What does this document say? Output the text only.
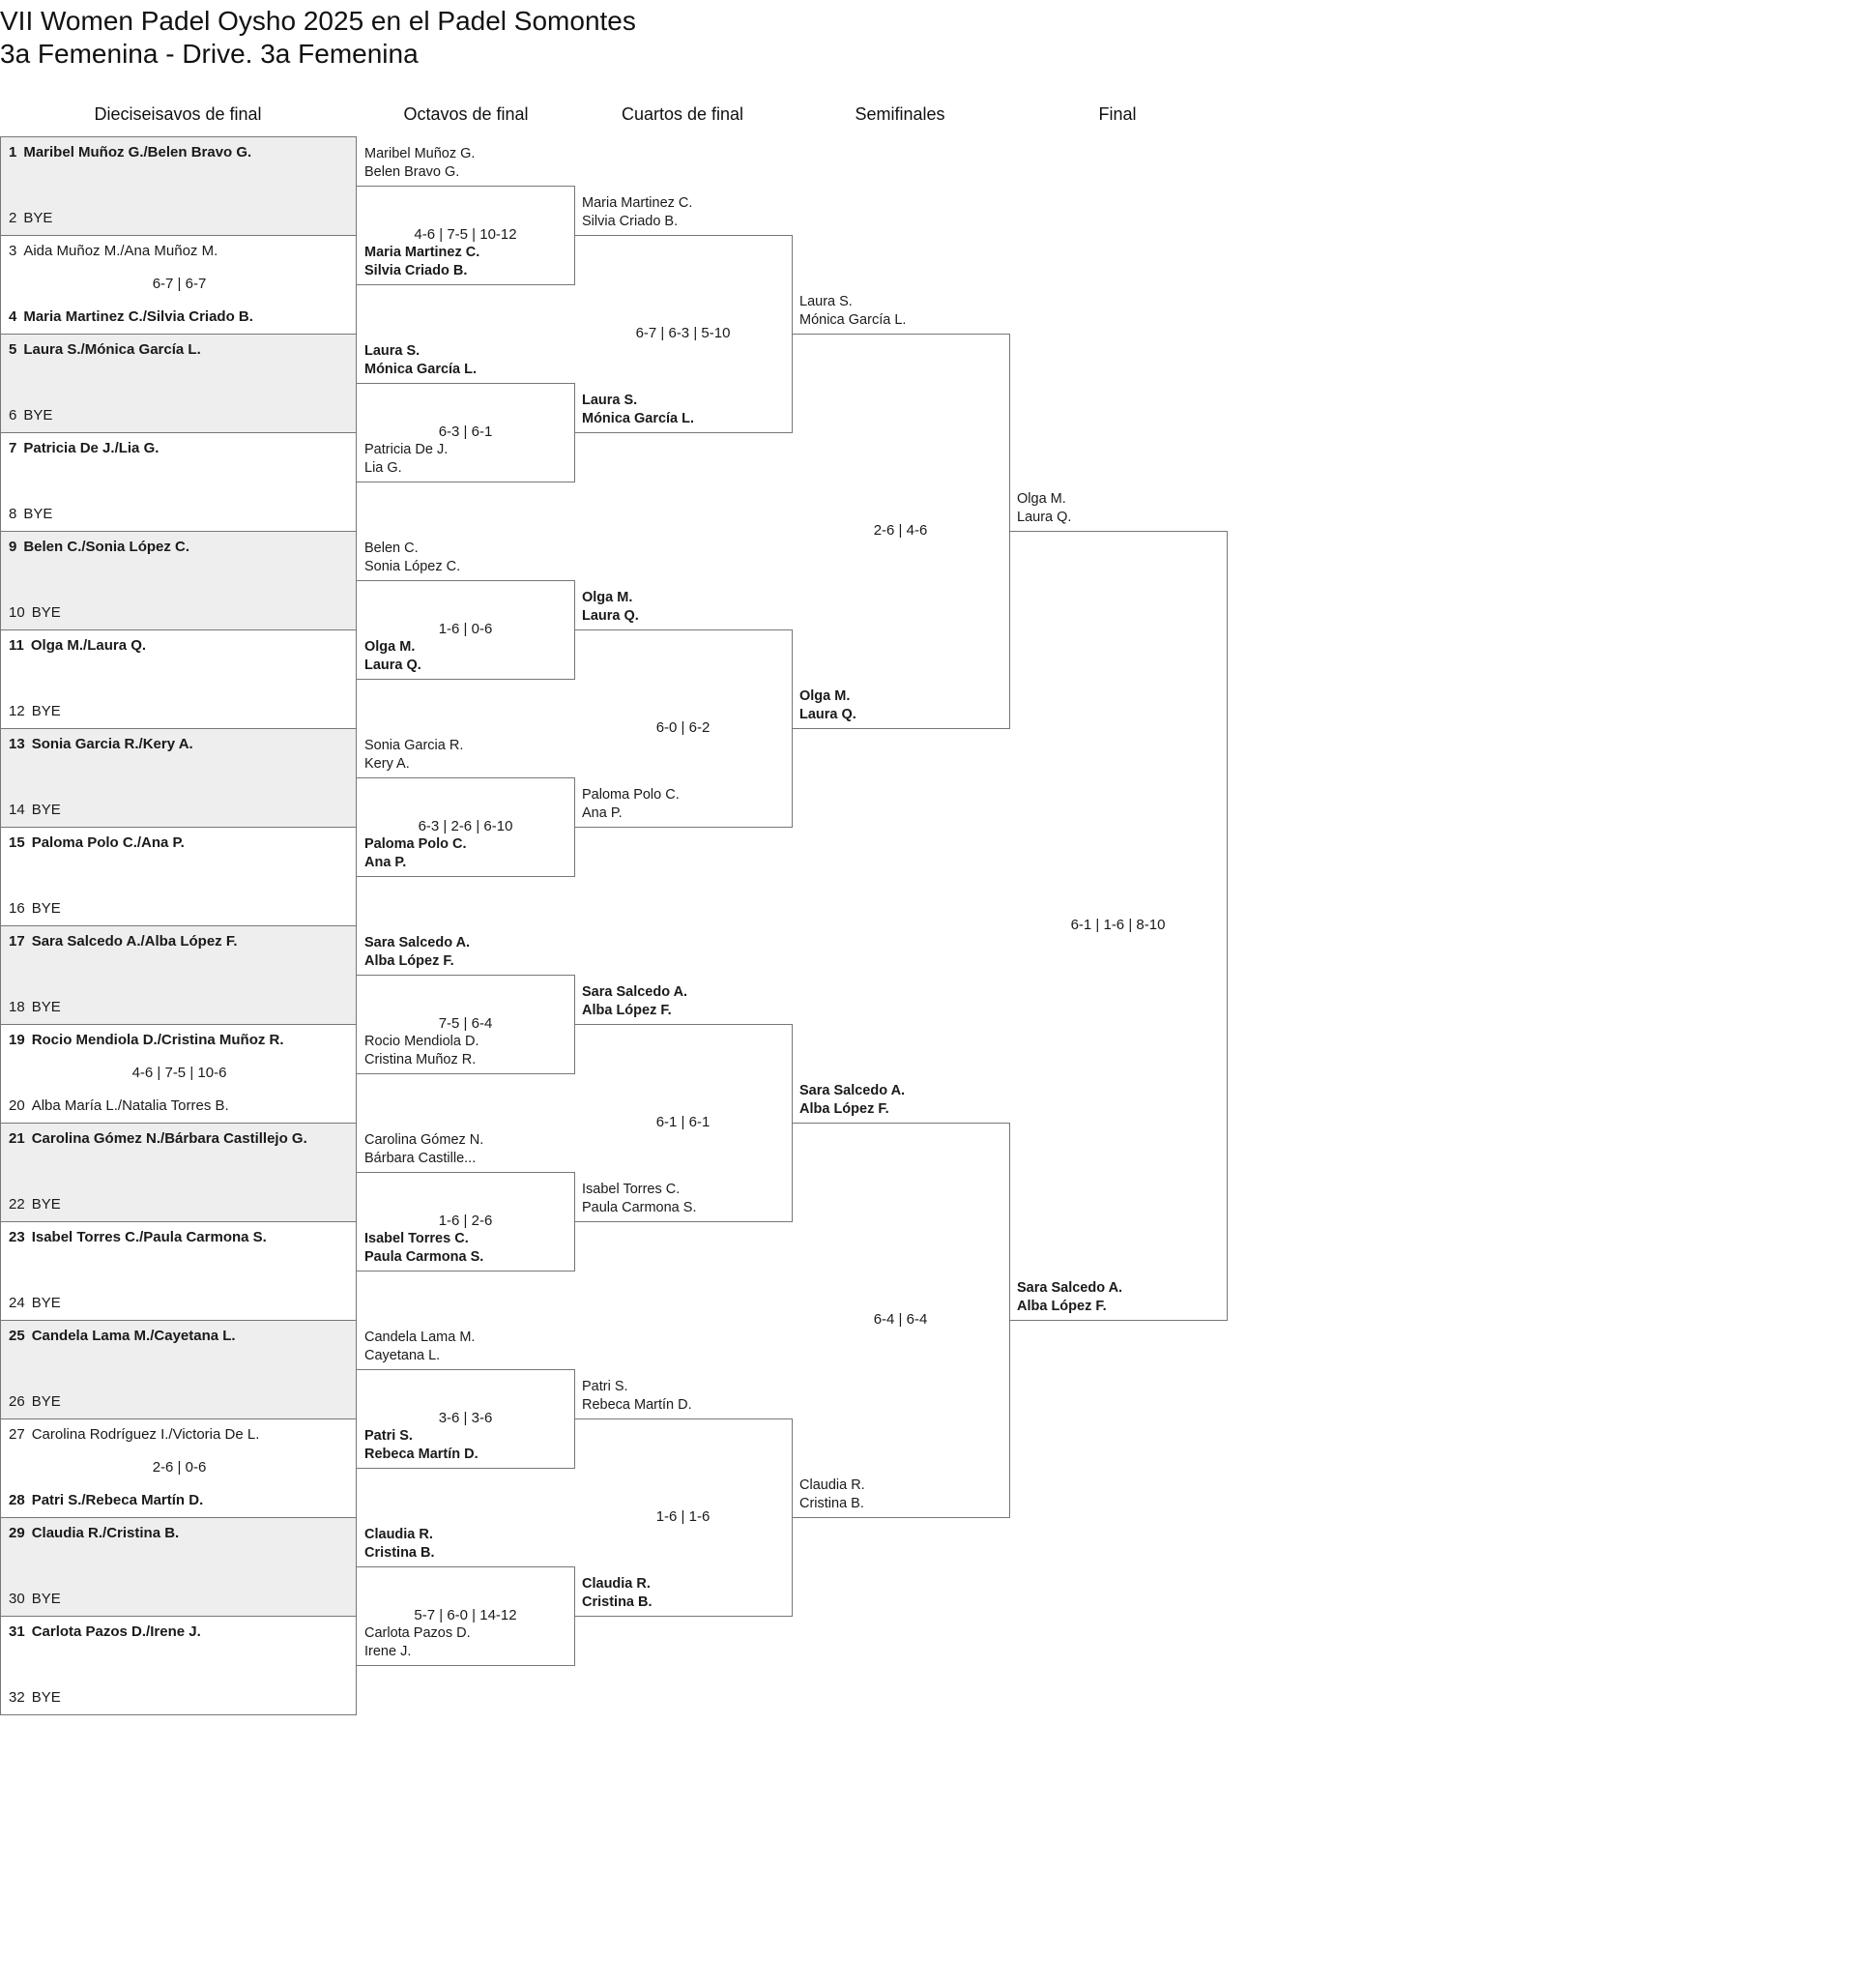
VII Women Padel Oysho 2025 en el Padel Somontes
3a Femenina - Drive. 3a Femenina
Dieciseisavos de final	Octavos de final	Cuartos de final	Semifinales	Final
1 Maribel Muñoz G./Belen Bravo G.
2 BYE
3 Aida Muñoz M./Ana Muñoz M.
4 Maria Martinez C./Silvia Criado B.
6-7 | 6-7
5 Laura S./Mónica García L.
6 BYE
7 Patricia De J./Lia G.
8 BYE
9 Belen C./Sonia López C.
10 BYE
11 Olga M./Laura Q.
12 BYE
13 Sonia Garcia R./Kery A.
14 BYE
15 Paloma Polo C./Ana P.
16 BYE
17 Sara Salcedo A./Alba López F.
18 BYE
19 Rocio Mendiola D./Cristina Muñoz R.
20 Alba María L./Natalia Torres B.
4-6 | 7-5 | 10-6
21 Carolina Gómez N./Bárbara Castillejo G.
22 BYE
23 Isabel Torres C./Paula Carmona S.
24 BYE
25 Candela Lama M./Cayetana L.
26 BYE
27 Carolina Rodríguez I./Victoria De L.
28 Patri S./Rebeca Martín D.
2-6 | 0-6
29 Claudia R./Cristina B.
30 BYE
31 Carlota Pazos D./Irene J.
32 BYE
Maribel Muñoz G.
Belen Bravo G.
Maria Martinez C.
Silvia Criado B.
4-6 | 7-5 | 10-12
Laura S.
Mónica García L.
Patricia De J.
Lia G.
6-3 | 6-1
Belen C.
Sonia López C.
Olga M.
Laura Q.
1-6 | 0-6
Sonia Garcia R.
Kery A.
Paloma Polo C.
Ana P.
6-3 | 2-6 | 6-10
Sara Salcedo A.
Alba López F.
Rocio Mendiola D.
Cristina Muñoz R.
7-5 | 6-4
Carolina Gómez N.
Bárbara Castille...
Isabel Torres C.
Paula Carmona S.
1-6 | 2-6
Candela Lama M.
Cayetana L.
Patri S.
Rebeca Martín D.
3-6 | 3-6
Claudia R.
Cristina B.
Carlota Pazos D.
Irene J.
5-7 | 6-0 | 14-12
Maria Martinez C.
Silvia Criado B.
Laura S.
Mónica García L.
6-7 | 6-3 | 5-10
Olga M.
Laura Q.
Paloma Polo C.
Ana P.
6-0 | 6-2
Sara Salcedo A.
Alba López F.
Isabel Torres C.
Paula Carmona S.
6-1 | 6-1
Patri S.
Rebeca Martín D.
Claudia R.
Cristina B.
1-6 | 1-6
Laura S.
Mónica García L.
Olga M.
Laura Q.
2-6 | 4-6
Sara Salcedo A.
Alba López F.
Claudia R.
Cristina B.
6-4 | 6-4
Olga M.
Laura Q.
Sara Salcedo A.
Alba López F.
6-1 | 1-6 | 8-10
